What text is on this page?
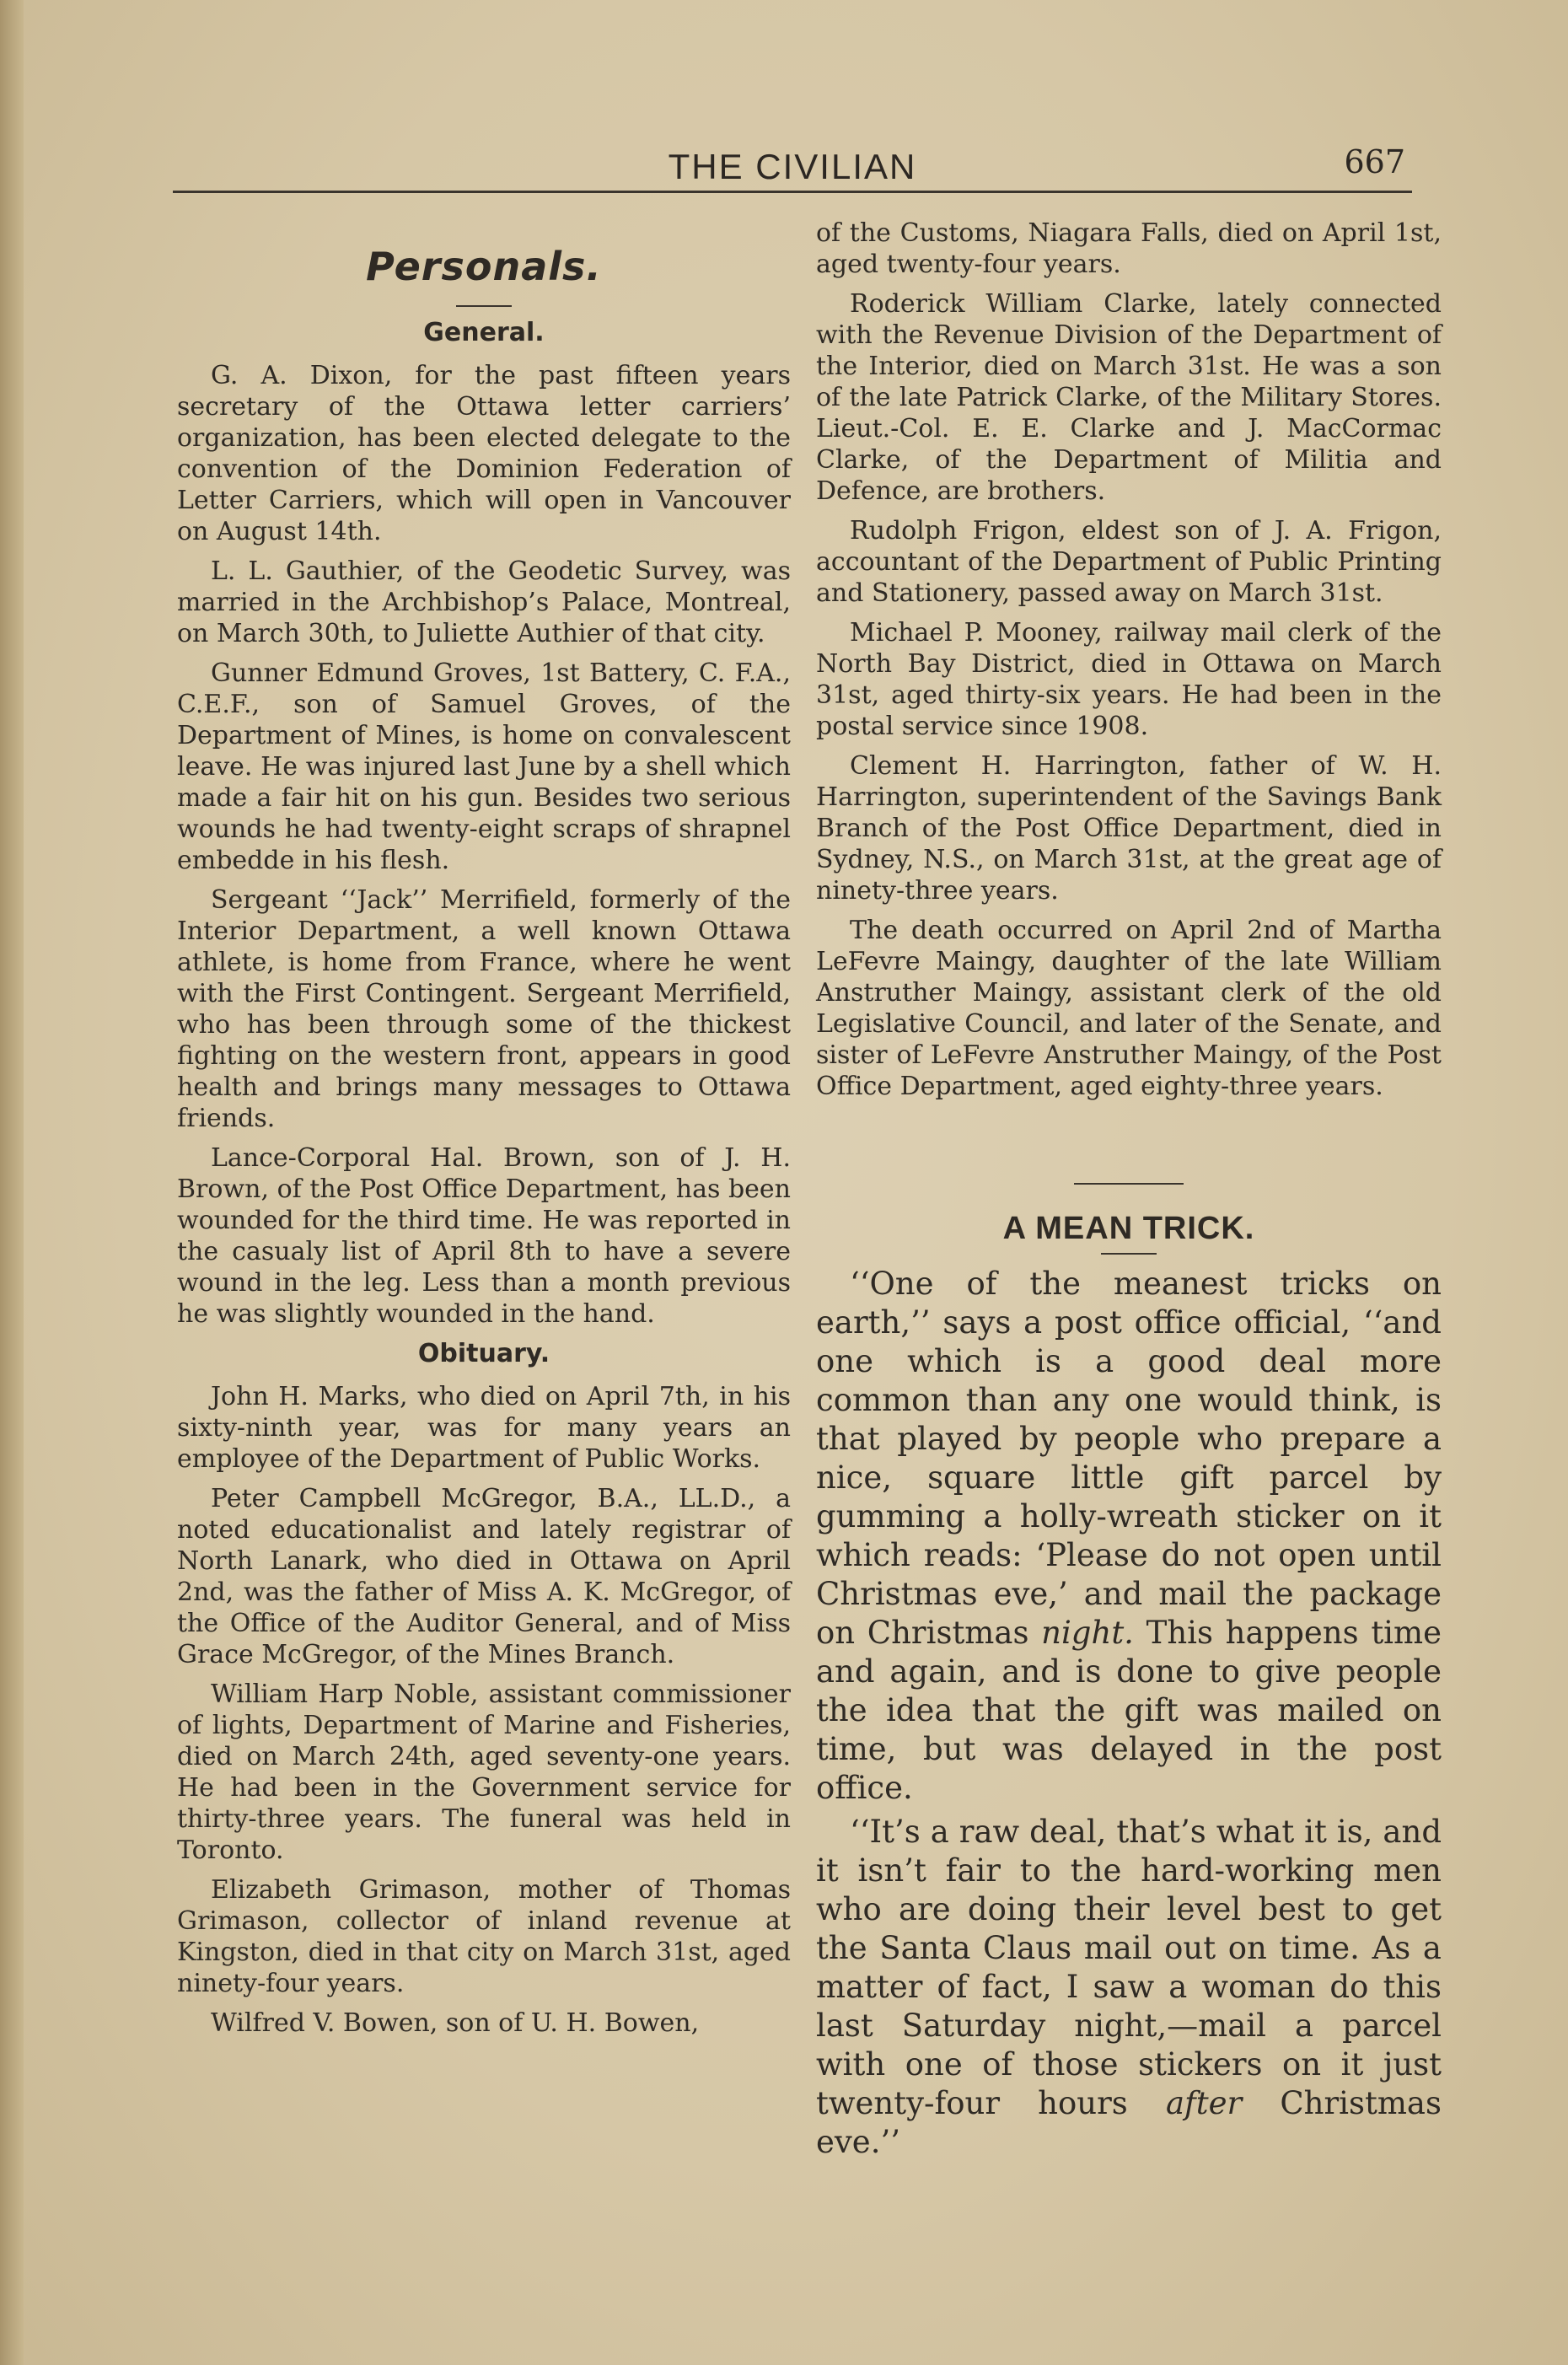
THE CIVILIAN	667
Personals.
General.

G. A. Dixon, for the past fifteen years secretary of the Ottawa letter carriers’ organization, has been elected delegate to the convention of the Dominion Federation of Letter Carriers, which will open in Vancouver on August 14th.

L. L. Gauthier, of the Geodetic Survey, was married in the Archbishop’s Palace, Montreal, on March 30th, to Juliette Authier of that city.

Gunner Edmund Groves, 1st Battery, C. F.A., C.E.F., son of Samuel Groves, of the Department of Mines, is home on convalescent leave. He was injured last June by a shell which made a fair hit on his gun. Besides two serious wounds he had twenty-eight scraps of shrapnel embedde in his flesh.

Sergeant ‘‘Jack’’ Merrifield, formerly of the Interior Department, a well known Ottawa athlete, is home from France, where he went with the First Contingent. Sergeant Merrifield, who has been through some of the thickest fighting on the western front, appears in good health and brings many messages to Ottawa friends.

Lance-Corporal Hal. Brown, son of J. H. Brown, of the Post Office Department, has been wounded for the third time. He was reported in the casualy list of April 8th to have a severe wound in the leg. Less than a month previous he was slightly wounded in the hand.

Obituary.

John H. Marks, who died on April 7th, in his sixty-ninth year, was for many years an employee of the Department of Public Works.

Peter Campbell McGregor, B.A., LL.D., a noted educationalist and lately registrar of North Lanark, who died in Ottawa on April 2nd, was the father of Miss A. K. McGregor, of the Office of the Auditor General, and of Miss Grace McGregor, of the Mines Branch.

William Harp Noble, assistant commissioner of lights, Department of Marine and Fisheries, died on March 24th, aged seventy-one years. He had been in the Government service for thirty-three years. The funeral was held in Toronto.

Elizabeth Grimason, mother of Thomas Grimason, collector of inland revenue at Kingston, died in that city on March 31st, aged ninety-four years.

Wilfred V. Bowen, son of U. H. Bowen,

of the Customs, Niagara Falls, died on April 1st, aged twenty-four years.

Roderick William Clarke, lately connected with the Revenue Division of the Department of the Interior, died on March 31st. He was a son of the late Patrick Clarke, of the Military Stores. Lieut.-Col. E. E. Clarke and J. MacCormac Clarke, of the Department of Militia and Defence, are brothers.

Rudolph Frigon, eldest son of J. A. Frigon, accountant of the Department of Public Printing and Stationery, passed away on March 31st.

Michael P. Mooney, railway mail clerk of the North Bay District, died in Ottawa on March 31st, aged thirty-six years. He had been in the postal service since 1908.

Clement H. Harrington, father of W. H. Harrington, superintendent of the Savings Bank Branch of the Post Office Department, died in Sydney, N.S., on March 31st, at the great age of ninety-three years.

The death occurred on April 2nd of Martha LeFevre Maingy, daughter of the late William Anstruther Maingy, assistant clerk of the old Legislative Council, and later of the Senate, and sister of LeFevre Anstruther Maingy, of the Post Office Department, aged eighty-three years.

A MEAN TRICK.

‘‘One of the meanest tricks on earth,’’ says a post office official, ‘‘and one which is a good deal more common than any one would think, is that played by people who prepare a nice, square little gift parcel by gumming a holly-wreath sticker on it which reads: ‘Please do not open until Christmas eve,’ and mail the package on Christmas night. This happens time and again, and is done to give people the idea that the gift was mailed on time, but was delayed in the post office.

‘‘It’s a raw deal, that’s what it is, and it isn’t fair to the hard-working men who are doing their level best to get the Santa Claus mail out on time. As a matter of fact, I saw a woman do this last Saturday night,—mail a parcel with one of those stickers on it just twenty-four hours after Christmas eve.’’
